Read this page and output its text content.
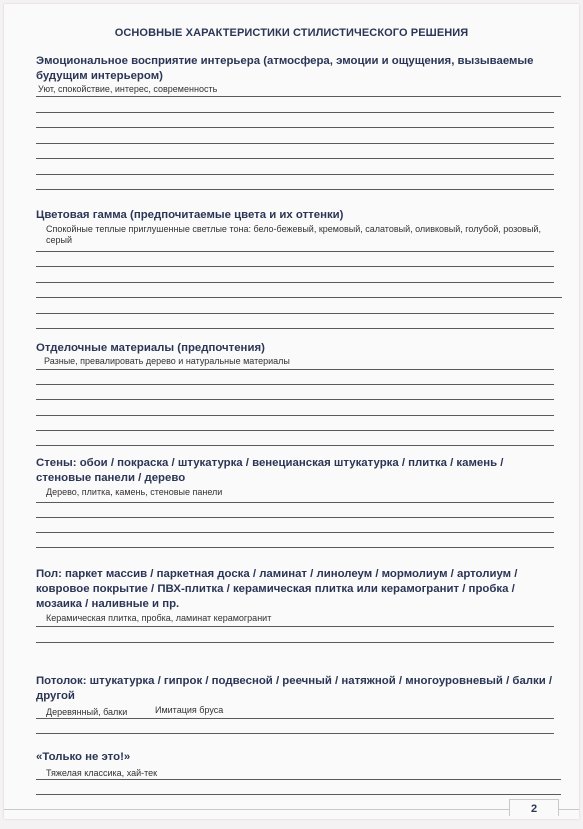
ОСНОВНЫЕ ХАРАКТЕРИСТИКИ СТИЛИСТИЧЕСКОГО РЕШЕНИЯ
Эмоциональное восприятие интерьера (атмосфера, эмоции и ощущения, вызываемые будущим интерьером)
Уют, спокойствие, интерес, современность
Цветовая гамма (предпочитаемые цвета и их оттенки)
Спокойные теплые приглушенные светлые тона: бело-бежевый, кремовый, салатовый, оливковый, голубой, розовый, серый
Отделочные материалы (предпочтения)
Разные, превалировать дерево и натуральные материалы
Стены: обои / покраска / штукатурка / венецианская штукатурка / плитка / камень / стеновые панели / дерево
Дерево, плитка, камень, стеновые панели
Пол: паркет массив / паркетная доска / ламинат / линолеум / мормолиум / артолиум / ковровое покрытие / ПВХ-плитка / керамическая плитка или керамогранит / пробка / мозаика / наливные и пр.
Керамическая плитка, пробка, ламинат керамогранит
Потолок: штукатурка / гипрок / подвесной / реечный / натяжной / многоуровневый / балки / другой
Деревянный, балки	Имитация бруса
«Только не это!»
Тяжелая классика, хай-тек
2
